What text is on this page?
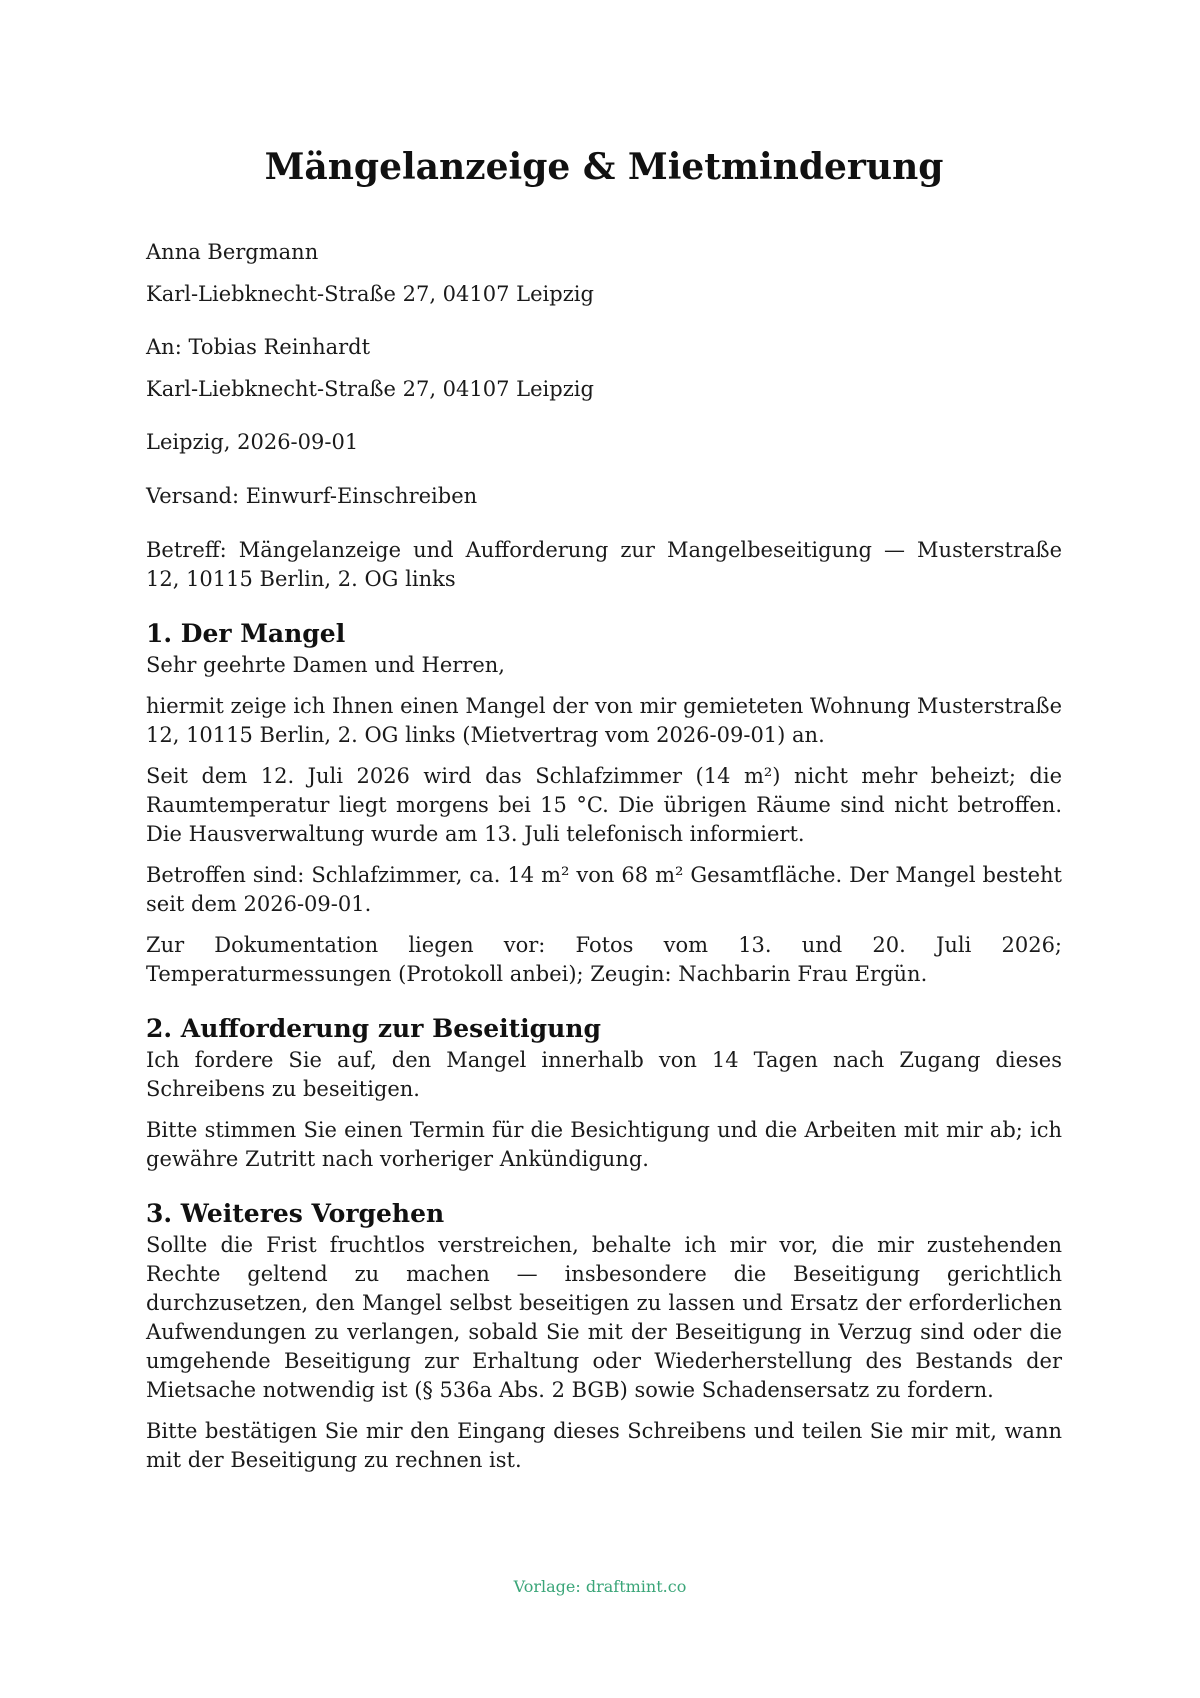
Mängelanzeige & Mietminderung

Anna Bergmann

Karl-Liebknecht-Straße 27, 04107 Leipzig

An: Tobias Reinhardt

Karl-Liebknecht-Straße 27, 04107 Leipzig

Leipzig, 2026-09-01
Versand: Einwurf-Einschreiben
Betreff: Mängelanzeige und Aufforderung zur Mangelbeseitigung — Musterstraße 12, 10115 Berlin, 2. OG links
1. Der Mangel

Sehr geehrte Damen und Herren,

hiermit zeige ich Ihnen einen Mangel der von mir gemieteten Wohnung Musterstraße 12, 10115 Berlin, 2. OG links (Mietvertrag vom 2026-09-01) an.

Seit dem 12. Juli 2026 wird das Schlafzimmer (14 m²) nicht mehr beheizt; die Raumtemperatur liegt morgens bei 15 °C. Die übrigen Räume sind nicht betroffen. Die Hausverwaltung wurde am 13. Juli telefonisch informiert.

Betroffen sind: Schlafzimmer, ca. 14 m² von 68 m² Gesamtfläche. Der Mangel besteht seit dem 2026-09-01.

Zur Dokumentation liegen vor: Fotos vom 13. und 20. Juli 2026; Temperaturmessungen (Protokoll anbei); Zeugin: Nachbarin Frau Ergün.

2. Aufforderung zur Beseitigung

Ich fordere Sie auf, den Mangel innerhalb von 14 Tagen nach Zugang dieses Schreibens zu beseitigen.

Bitte stimmen Sie einen Termin für die Besichtigung und die Arbeiten mit mir ab; ich gewähre Zutritt nach vorheriger Ankündigung.

3. Weiteres Vorgehen

Sollte die Frist fruchtlos verstreichen, behalte ich mir vor, die mir zustehenden Rechte geltend zu machen — insbesondere die Beseitigung gerichtlich durchzusetzen, den Mangel selbst beseitigen zu lassen und Ersatz der erforderlichen Aufwendungen zu verlangen, sobald Sie mit der Beseitigung in Verzug sind oder die umgehende Beseitigung zur Erhaltung oder Wiederherstellung des Bestands der Mietsache notwendig ist (§ 536a Abs. 2 BGB) sowie Schadensersatz zu fordern.

Bitte bestätigen Sie mir den Eingang dieses Schreibens und teilen Sie mir mit, wann mit der Beseitigung zu rechnen ist.

Vorlage: draftmint.co
